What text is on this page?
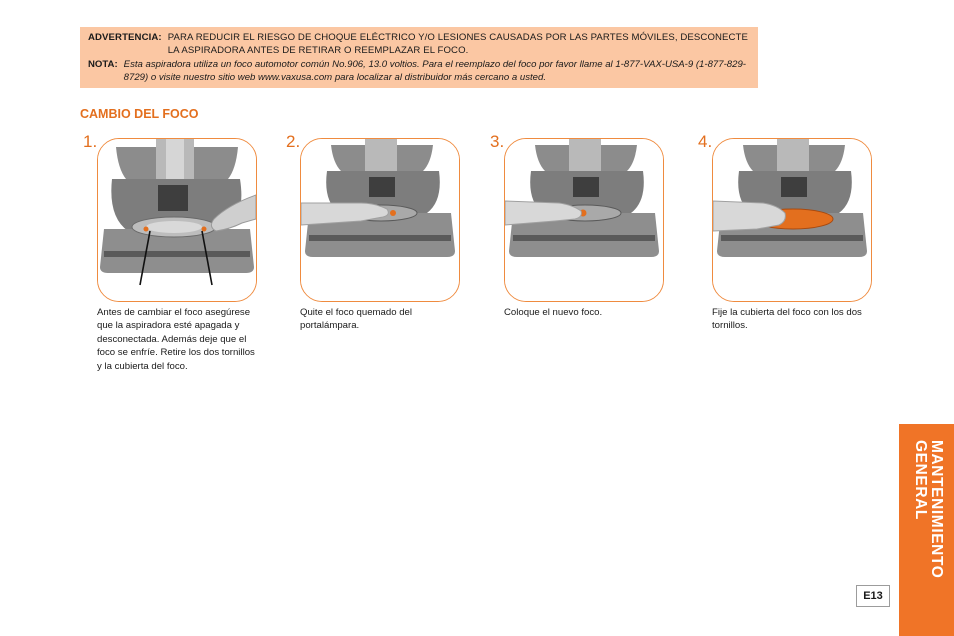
ADVERTENCIA: PARA REDUCIR EL RIESGO DE CHOQUE ELÉCTRICO Y/O LESIONES CAUSADAS POR LAS PARTES MÓVILES, DESCONECTE LA ASPIRADORA ANTES DE RETIRAR O REEMPLAZAR EL FOCO.
NOTA: Esta aspiradora utiliza un foco automotor común No.906, 13.0 voltios. Para el reemplazo del foco por favor llame al 1-877-VAX-USA-9 (1-877-829-8729) o visite nuestro sitio web www.vaxusa.com para localizar al distribuidor más cercano a usted.
CAMBIO DEL FOCO
1.
Antes de cambiar el foco asegúrese que la aspiradora esté apagada y desconectada. Además deje que el foco se enfríe. Retire los dos tornillos y la cubierta del foco.
2.
Quite el foco quemado del portalámpara.
3.
Coloque el nuevo foco.
4.
Fije la cubierta del foco con los dos tornillos.
MANTENIMIENTO
GENERAL
E13
